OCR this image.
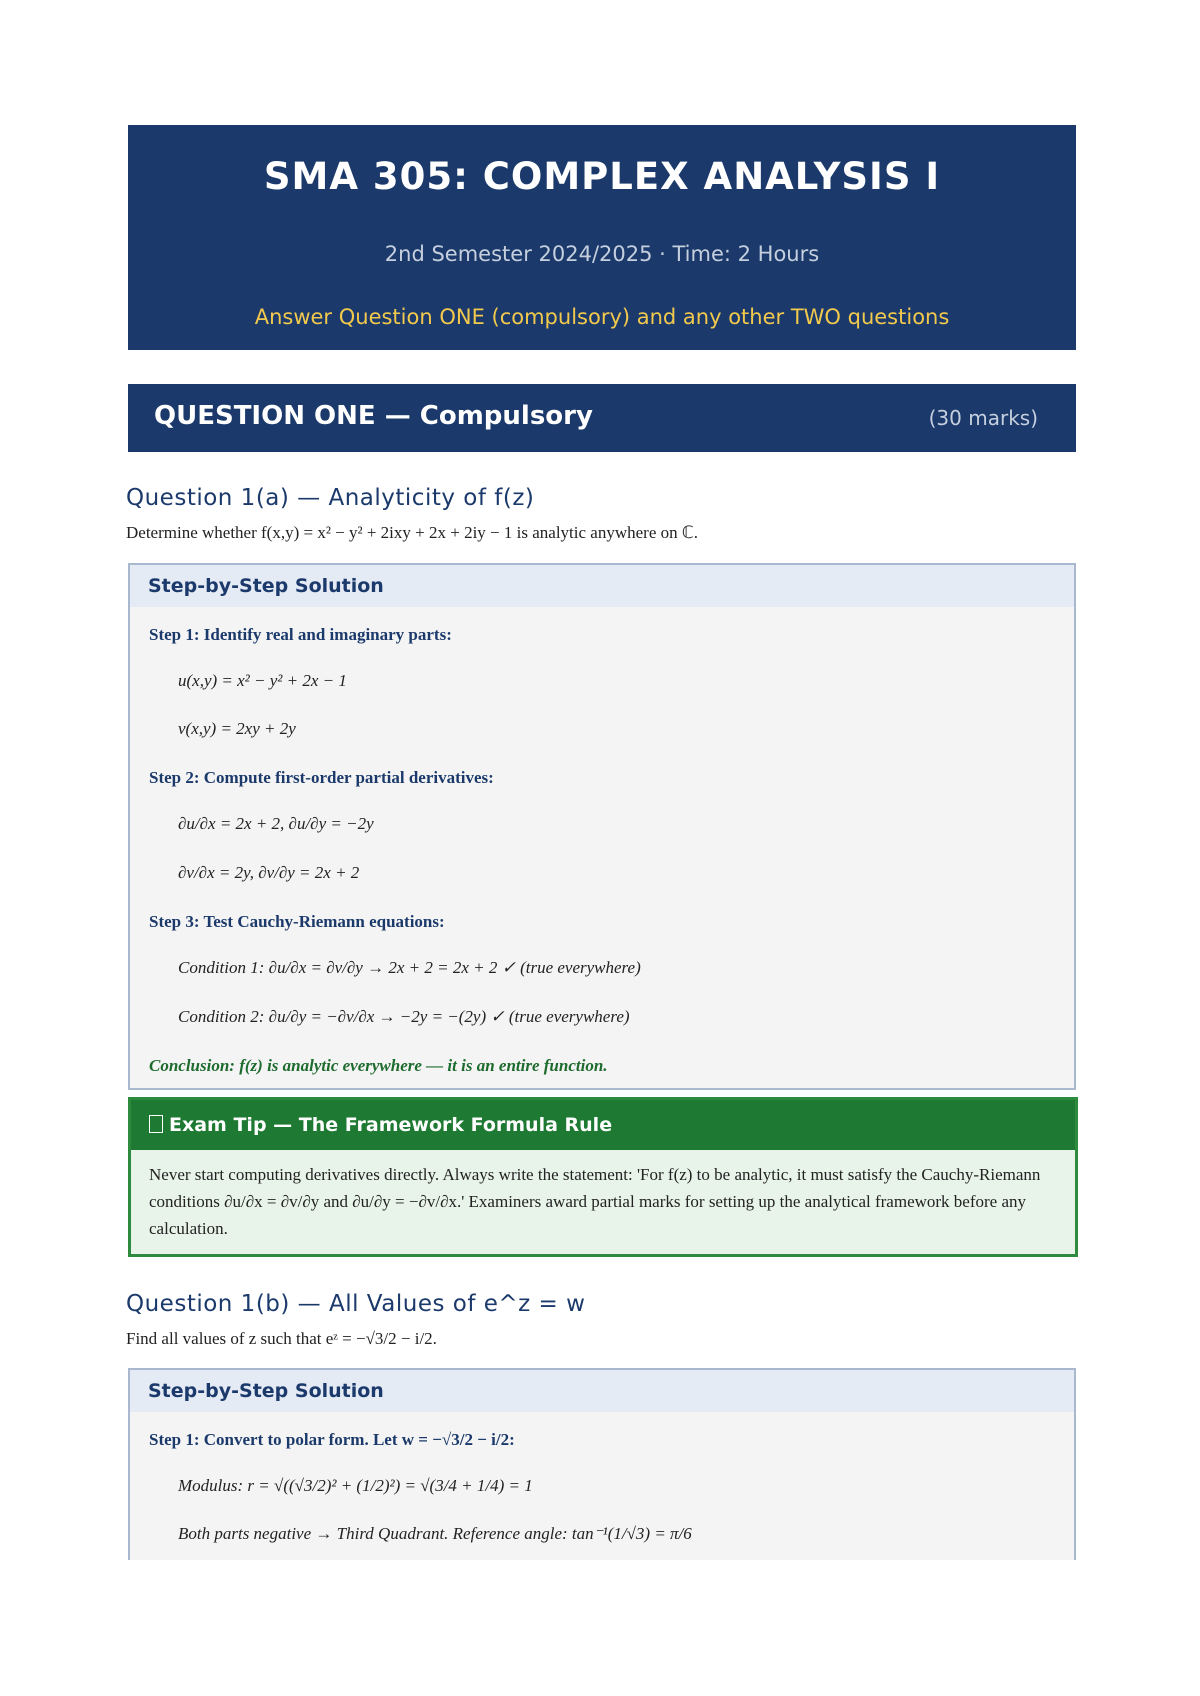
SMA 305: COMPLEX ANALYSIS I
2nd Semester 2024/2025 · Time: 2 Hours
Answer Question ONE (compulsory) and any other TWO questions
QUESTION ONE — Compulsory	(30 marks)
Question 1(a) — Analyticity of f(z)
Determine whether f(x,y) = x² − y² + 2ixy + 2x + 2iy − 1 is analytic anywhere on ℂ.
Step-by-Step Solution
Step 1: Identify real and imaginary parts:
u(x,y) = x² − y² + 2x − 1
v(x,y) = 2xy + 2y
Step 2: Compute first-order partial derivatives:
∂u/∂x = 2x + 2, ∂u/∂y = −2y
∂v/∂x = 2y, ∂v/∂y = 2x + 2
Step 3: Test Cauchy-Riemann equations:
Condition 1: ∂u/∂x = ∂v/∂y → 2x + 2 = 2x + 2 ✓ (true everywhere)
Condition 2: ∂u/∂y = −∂v/∂x → −2y = −(2y) ✓ (true everywhere)
Conclusion: f(z) is analytic everywhere — it is an entire function.
Exam Tip — The Framework Formula Rule
Never start computing derivatives directly. Always write the statement: 'For f(z) to be analytic, it must satisfy the Cauchy-Riemann conditions ∂u/∂x = ∂v/∂y and ∂u/∂y = −∂v/∂x.' Examiners award partial marks for setting up the analytical framework before any calculation.
Question 1(b) — All Values of e^z = w
Find all values of z such that eᶻ = −√3/2 − i/2.
Step-by-Step Solution
Step 1: Convert to polar form. Let w = −√3/2 − i/2:
Modulus: r = √((√3/2)² + (1/2)²) = √(3/4 + 1/4) = 1
Both parts negative → Third Quadrant. Reference angle: tan⁻¹(1/√3) = π/6
